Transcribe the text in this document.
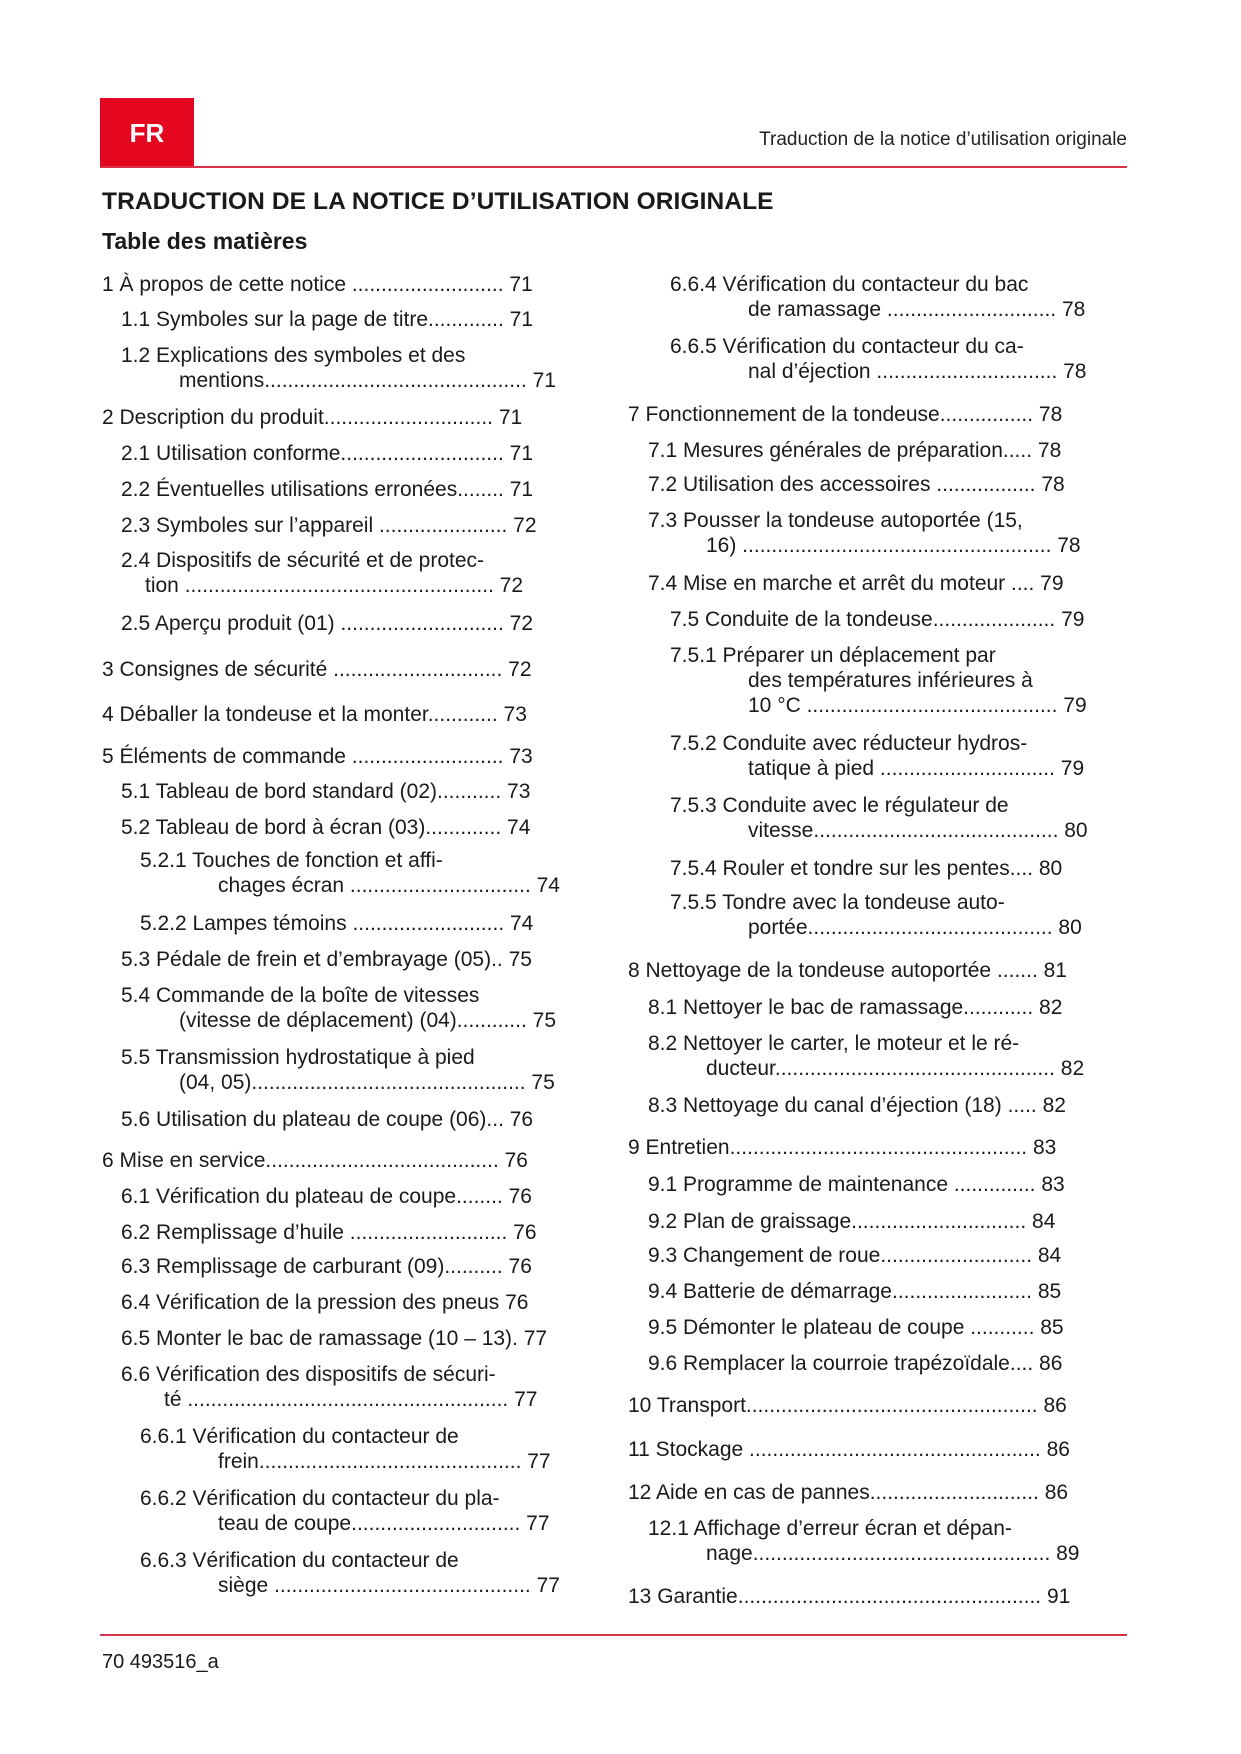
FR	Traduction de la notice d’utilisation originale
TRADUCTION DE LA NOTICE D’UTILISATION ORIGINALE
Table des matières
1 À propos de cette notice .......................... 71
1.1 Symboles sur la page de titre............. 71
1.2 Explications des symboles et des
mentions............................................. 71
2 Description du produit............................. 71
2.1 Utilisation conforme............................ 71
2.2 Éventuelles utilisations erronées........ 71
2.3 Symboles sur l’appareil ...................... 72
2.4 Dispositifs de sécurité et de protec-
tion ..................................................... 72
2.5 Aperçu produit (01) ............................ 72
3 Consignes de sécurité ............................. 72
4 Déballer la tondeuse et la monter............ 73
5 Éléments de commande .......................... 73
5.1 Tableau de bord standard (02)........... 73
5.2 Tableau de bord à écran (03)............. 74
5.2.1 Touches de fonction et affi-
chages écran ............................... 74
5.2.2 Lampes témoins .......................... 74
5.3 Pédale de frein et d’embrayage (05).. 75
5.4 Commande de la boîte de vitesses
(vitesse de déplacement) (04)............ 75
5.5 Transmission hydrostatique à pied
(04, 05)............................................... 75
5.6 Utilisation du plateau de coupe (06)... 76
6 Mise en service........................................ 76
6.1 Vérification du plateau de coupe........ 76
6.2 Remplissage d’huile ........................... 76
6.3 Remplissage de carburant (09).......... 76
6.4 Vérification de la pression des pneus 76
6.5 Monter le bac de ramassage (10 – 13). 77
6.6 Vérification des dispositifs de sécuri-
té ....................................................... 77
6.6.1 Vérification du contacteur de
frein............................................. 77
6.6.2 Vérification du contacteur du pla-
teau de coupe............................. 77
6.6.3 Vérification du contacteur de
siège ............................................ 77
6.6.4 Vérification du contacteur du bac
de ramassage ............................. 78
6.6.5 Vérification du contacteur du ca-
nal d’éjection ............................... 78
7 Fonctionnement de la tondeuse................ 78
7.1 Mesures générales de préparation..... 78
7.2 Utilisation des accessoires ................. 78
7.3 Pousser la tondeuse autoportée (15,
16) ..................................................... 78
7.4 Mise en marche et arrêt du moteur .... 79
7.5 Conduite de la tondeuse..................... 79
7.5.1 Préparer un déplacement par
des températures inférieures à
10 °C ........................................... 79
7.5.2 Conduite avec réducteur hydros-
tatique à pied .............................. 79
7.5.3 Conduite avec le régulateur de
vitesse.......................................... 80
7.5.4 Rouler et tondre sur les pentes.... 80
7.5.5 Tondre avec la tondeuse auto-
portée.......................................... 80
8 Nettoyage de la tondeuse autoportée ....... 81
8.1 Nettoyer le bac de ramassage............ 82
8.2 Nettoyer le carter, le moteur et le ré-
ducteur................................................ 82
8.3 Nettoyage du canal d’éjection (18) ..... 82
9 Entretien................................................... 83
9.1 Programme de maintenance .............. 83
9.2 Plan de graissage.............................. 84
9.3 Changement de roue.......................... 84
9.4 Batterie de démarrage........................ 85
9.5 Démonter le plateau de coupe ........... 85
9.6 Remplacer la courroie trapézoïdale.... 86
10 Transport.................................................. 86
11 Stockage .................................................. 86
12 Aide en cas de pannes............................. 86
12.1 Affichage d’erreur écran et dépan-
nage................................................... 89
13 Garantie.................................................... 91
70 493516_a
